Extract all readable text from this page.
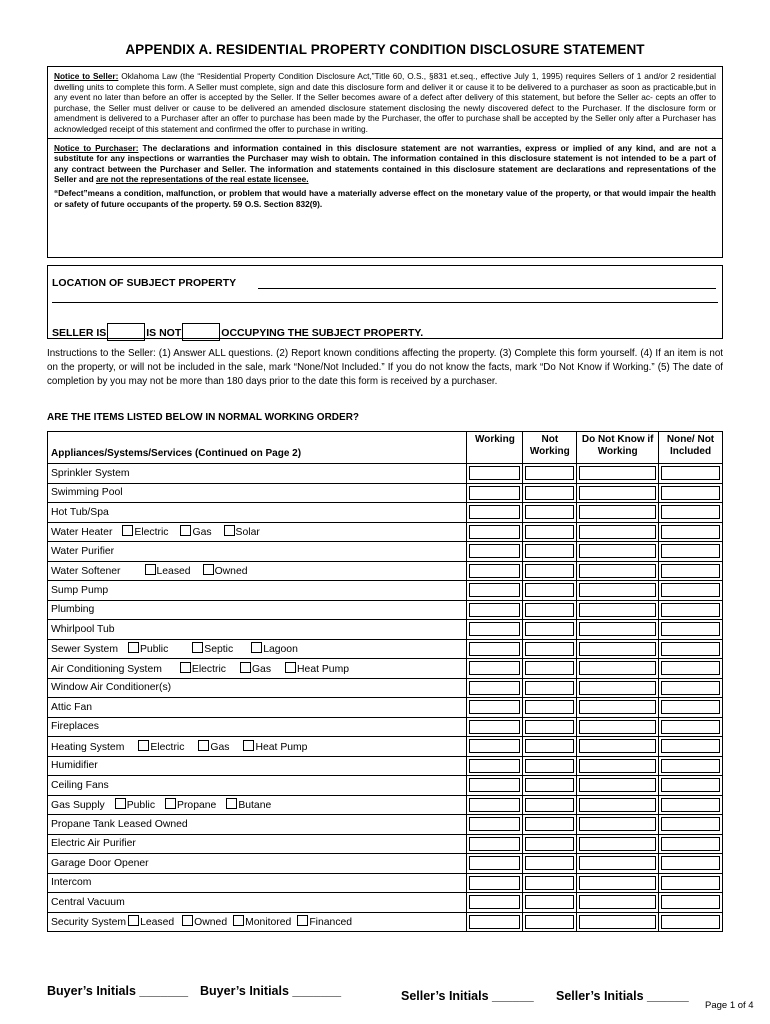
APPENDIX A. RESIDENTIAL PROPERTY CONDITION DISCLOSURE STATEMENT

Notice to Seller: Oklahoma Law (the “Residential Property Condition Disclosure Act,”Title 60, O.S., §831 et.seq., effective July 1, 1995) requires Sellers of 1 and/or 2 residential dwelling units to complete this form. A Seller must complete, sign and date this disclosure form and deliver it or cause it to be delivered to a purchaser as soon as practicable,but in any event no later than before an offer is accepted by the Seller. If the Seller becomes aware of a defect after delivery of this statement, but before the Seller ac- cepts an offer to purchase, the Seller must deliver or cause to be delivered an amended disclosure statement disclosing the newly discovered defect to the Purchaser. If the disclosure form or amendment is delivered to a Purchaser after an offer to purchase has been made by the Purchaser, the offer to purchase shall be accepted by the Seller only after a Purchaser has acknowledged receipt of this statement and confirmed the offer to purchase in writing.

Notice to Purchaser: The declarations and information contained in this disclosure statement are not warranties, express or implied of any kind, and are not a substitute for any inspections or warranties the Purchaser may wish to obtain. The information contained in this disclosure statement is not intended to be a part of any contract between the Purchaser and Seller. The information and statements contained in this disclosure statement are declarations and representations of the Seller and are not the representations of the real estate licensee.

“Defect”means a condition, malfunction, or problem that would have a materially adverse effect on the monetary value of the property, or that would impair the health or safety of future occupants of the property. 59 O.S. Section 832(9).

LOCATION OF SUBJECT PROPERTY
SELLER IS	IS NOT	OCCUPYING THE SUBJECT PROPERTY.
Instructions to the Seller: (1) Answer ALL questions. (2) Report known conditions affecting the property. (3) Complete this form yourself. (4) If an item is not on the property, or will not be included in the sale, mark “None/Not Included.” If you do not know the facts, mark “Do Not Know if Working.” (5) The date of completion by you may not be more than 180 days prior to the date this form is received by a purchaser.
ARE THE ITEMS LISTED BELOW IN NORMAL WORKING ORDER?
Appliances/Systems/Services (Continued on Page 2)	Working	Not Working	Do Not Know if Working	None/ Not Included
Sprinkler System	

Swimming Pool	

Hot Tub/Spa	

Water Heater Electric Gas Solar	

Water Purifier	

Water Softener Leased Owned	

Sump Pump	

Plumbing	

Whirlpool Tub	

Sewer System Public Septic Lagoon	

Air Conditioning System Electric Gas Heat Pump	

Window Air Conditioner(s)	

Attic Fan	

Fireplaces	

Heating System Electric Gas Heat Pump	

Humidifier	

Ceiling Fans	

Gas Supply Public Propane Butane	

Propane Tank Leased Owned	

Electric Air Purifier	

Garage Door Opener	

Intercom	

Central Vacuum	

Security System Leased Owned Monitored Financed	

Buyer’s Initials _______ Buyer’s Initials _______	Seller’s Initials ______ Seller’s Initials ______
Page 1 of 4
